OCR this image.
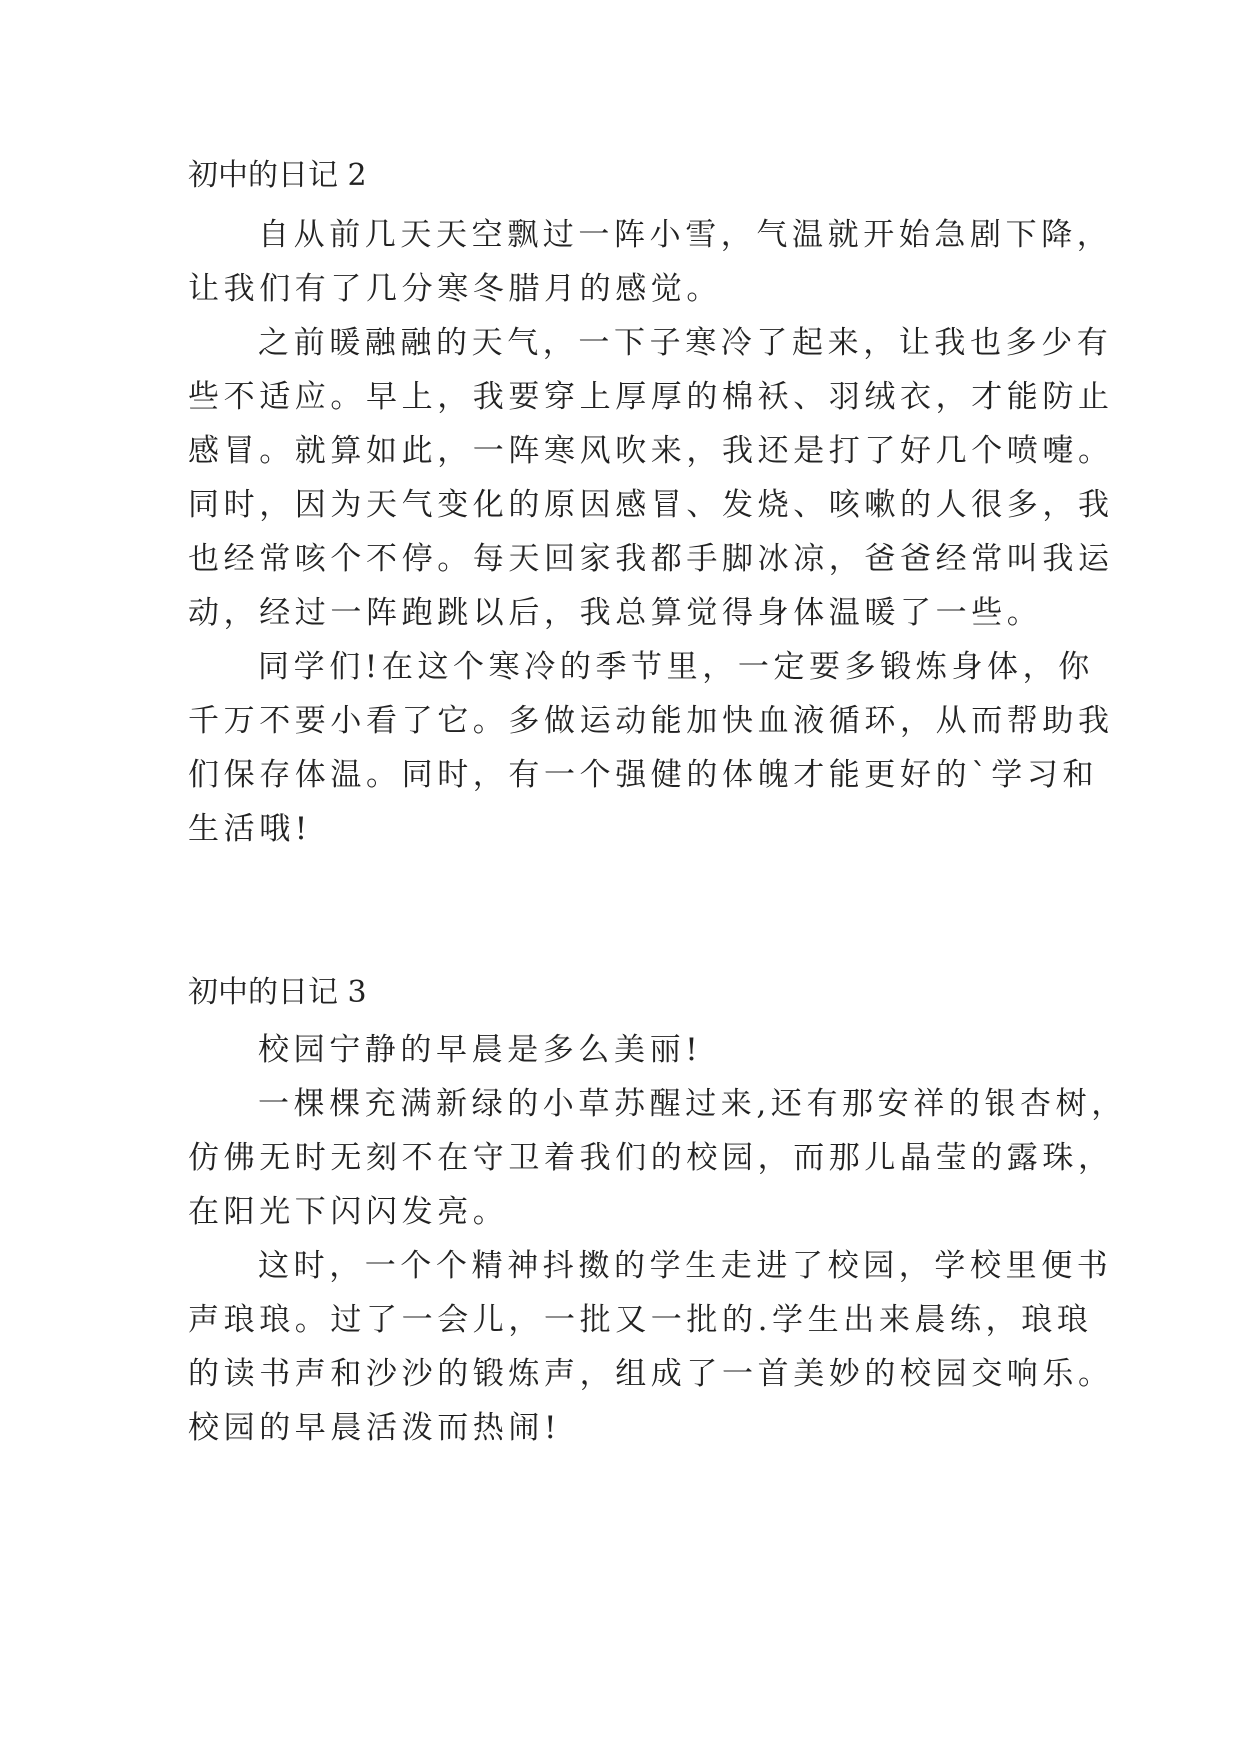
初中的日记 2
自从前几天天空飘过一阵小雪，气温就开始急剧下降，
让我们有了几分寒冬腊月的感觉。
之前暖融融的天气，一下子寒冷了起来，让我也多少有
些不适应。早上，我要穿上厚厚的棉袄、羽绒衣，才能防止
感冒。就算如此，一阵寒风吹来，我还是打了好几个喷嚏。
同时，因为天气变化的原因感冒、发烧、咳嗽的人很多，我
也经常咳个不停。每天回家我都手脚冰凉，爸爸经常叫我运
动，经过一阵跑跳以后，我总算觉得身体温暖了一些。
同学们!在这个寒冷的季节里，一定要多锻炼身体，你
千万不要小看了它。多做运动能加快血液循环，从而帮助我
们保存体温。同时，有一个强健的体魄才能更好的`学习和
生活哦!
初中的日记 3
校园宁静的早晨是多么美丽!
一棵棵充满新绿的小草苏醒过来,还有那安祥的银杏树，
仿佛无时无刻不在守卫着我们的校园，而那儿晶莹的露珠，
在阳光下闪闪发亮。
这时，一个个精神抖擞的学生走进了校园，学校里便书
声琅琅。过了一会儿，一批又一批的.学生出来晨练，琅琅
的读书声和沙沙的锻炼声，组成了一首美妙的校园交响乐。
校园的早晨活泼而热闹!
